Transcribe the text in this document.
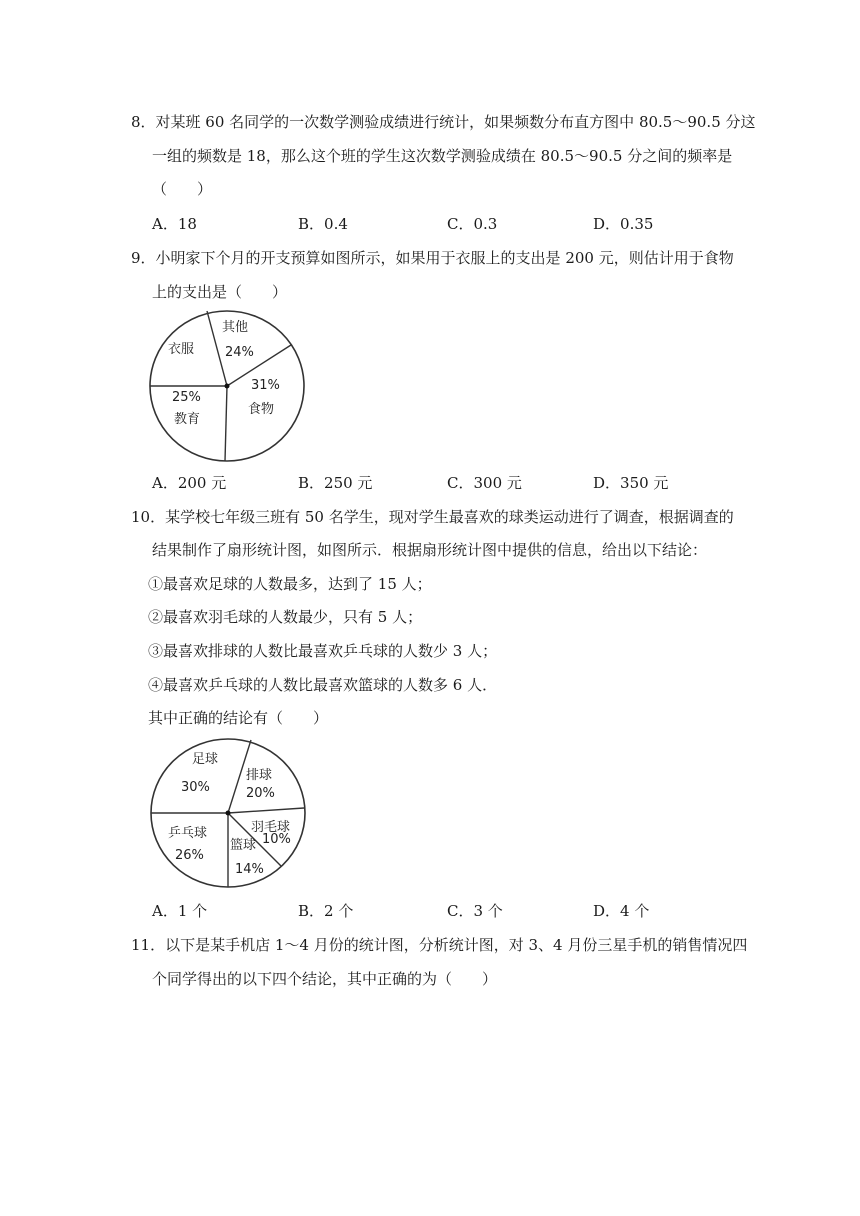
8．对某班 60 名同学的一次数学测验成绩进行统计，如果频数分布直方图中 80.5～90.5 分这
一组的频数是 18，那么这个班的学生这次数学测验成绩在 80.5～90.5 分之间的频率是
（　　）
A．18	B．0.4	C．0.3	D．0.35
9．小明家下个月的开支预算如图所示，如果用于衣服上的支出是 200 元，则估计用于食物
上的支出是（　　）
衣服
其他
24%
31%
食物
25%
教育
A．200 元	B．250 元	C．300 元	D．350 元
10．某学校七年级三班有 50 名学生，现对学生最喜欢的球类运动进行了调查，根据调查的
结果制作了扇形统计图，如图所示．根据扇形统计图中提供的信息，给出以下结论：
①最喜欢足球的人数最多，达到了 15 人；
②最喜欢羽毛球的人数最少，只有 5 人；
③最喜欢排球的人数比最喜欢乒乓球的人数少 3 人；
④最喜欢乒乓球的人数比最喜欢篮球的人数多 6 人．
其中正确的结论有（　　）
足球
30%
排球
20%
羽毛球
10%
篮球
14%
乒乓球
26%
A．1 个	B．2 个	C．3 个	D．4 个
11．以下是某手机店 1～4 月份的统计图，分析统计图，对 3、4 月份三星手机的销售情况四
个同学得出的以下四个结论，其中正确的为（　　）
